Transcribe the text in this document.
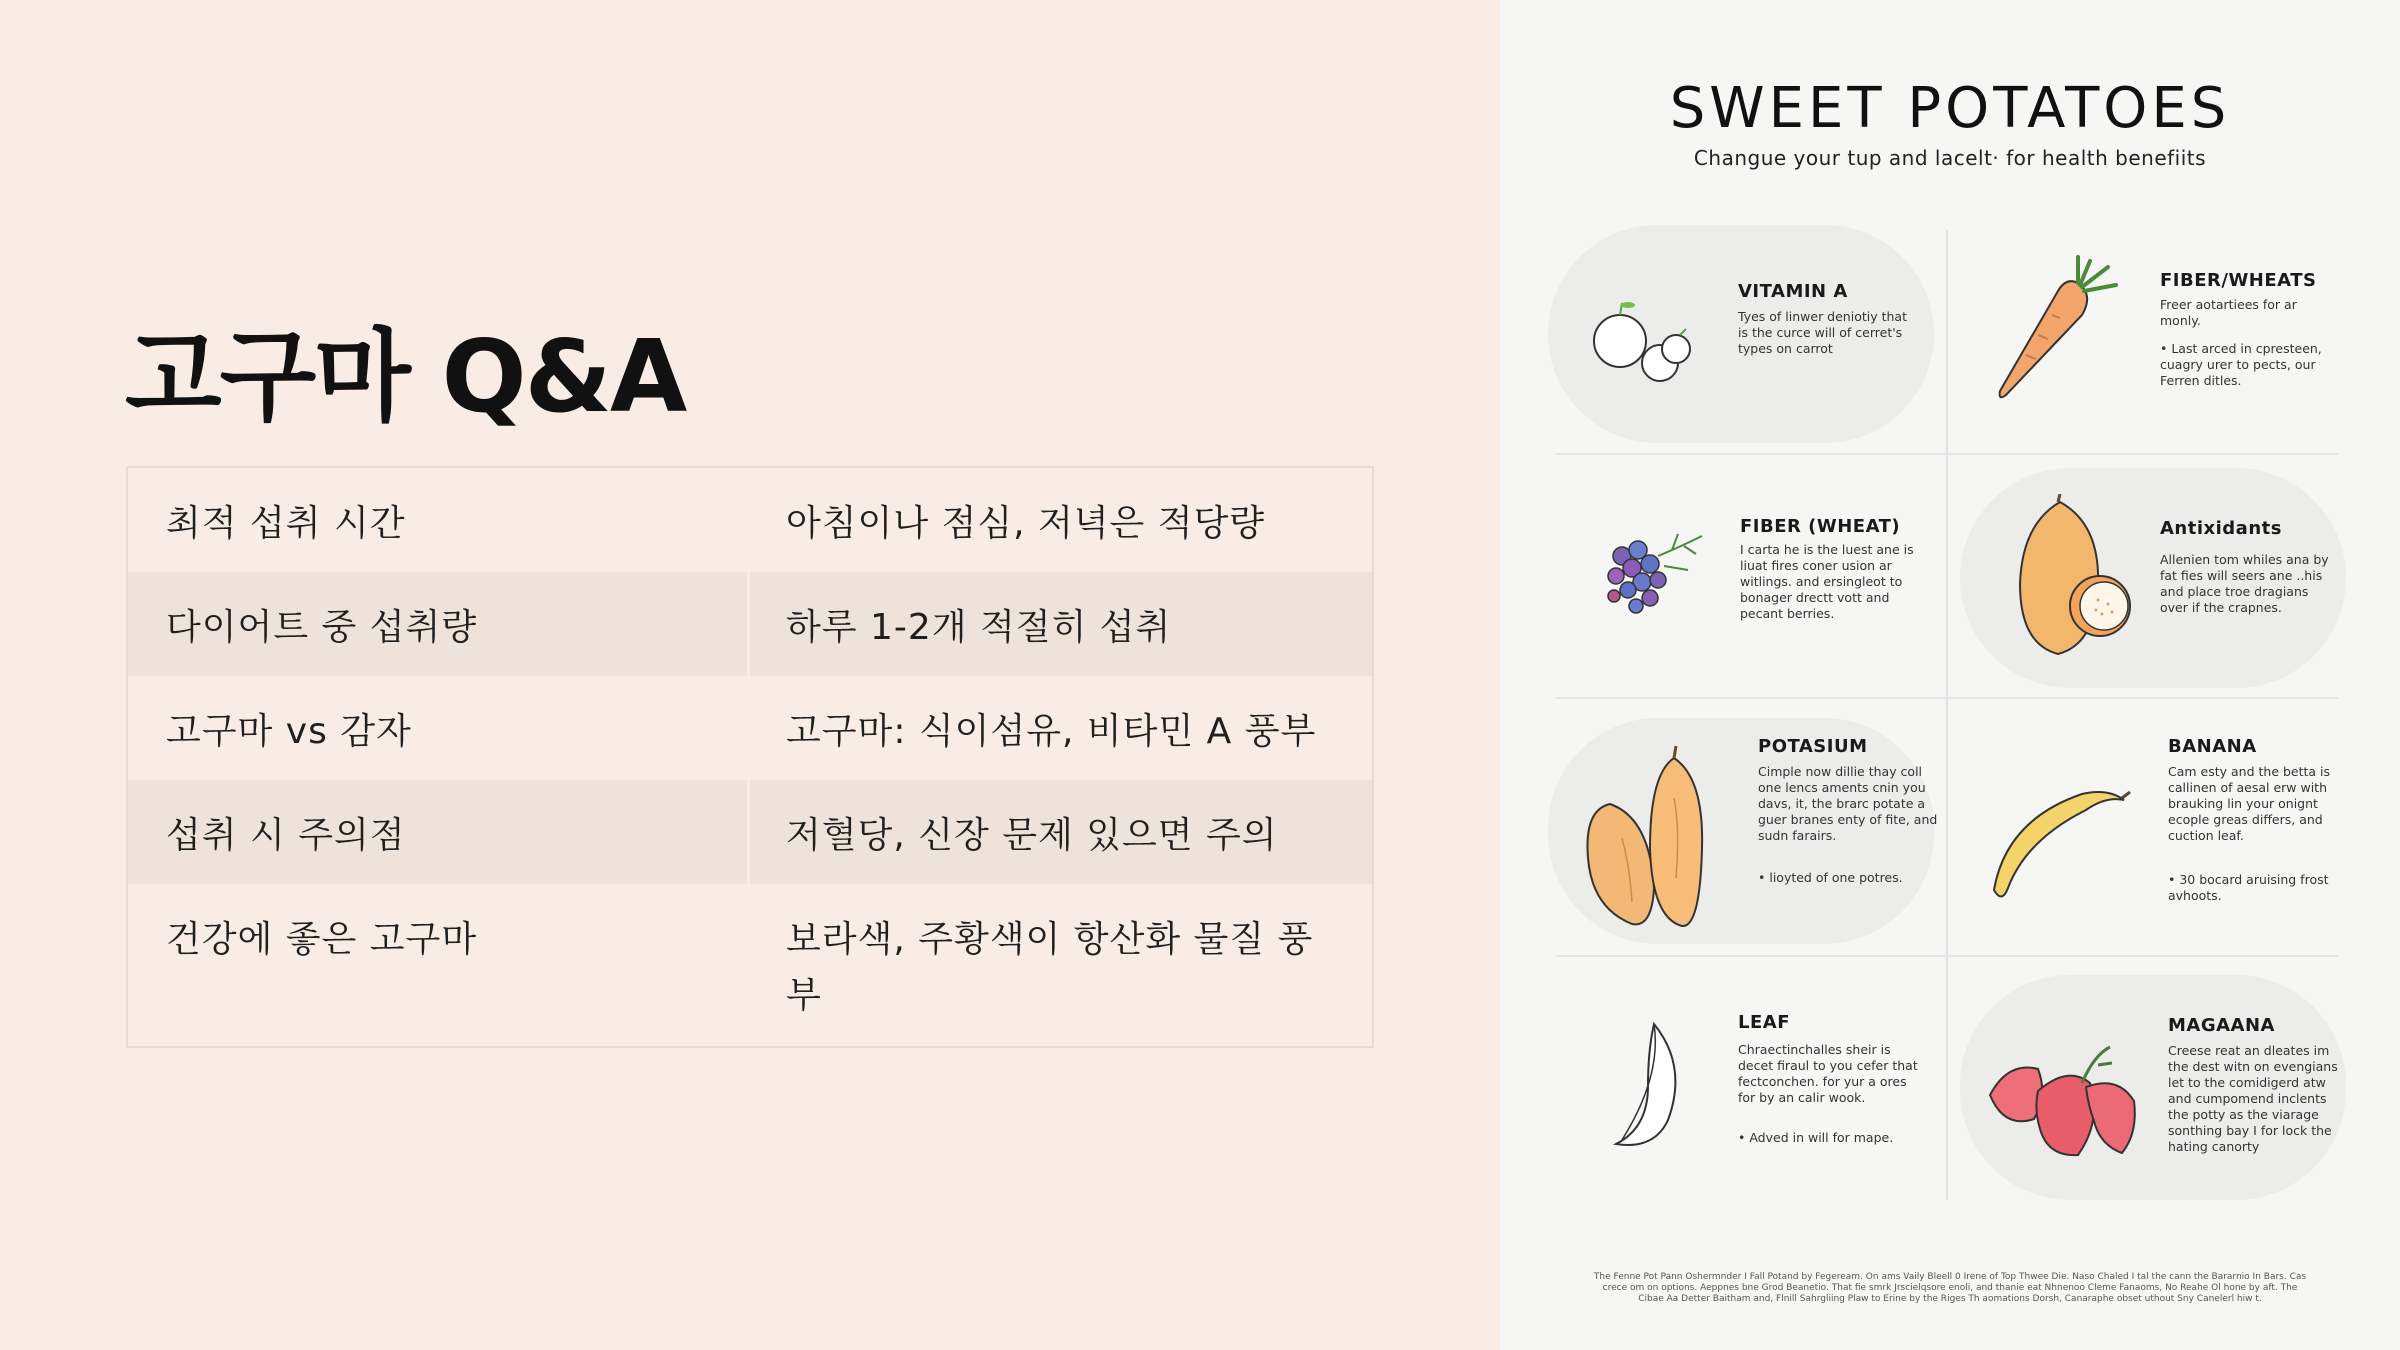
고구마 Q&A
최적 섭취 시간	아침이나 점심, 저녁은 적당량
다이어트 중 섭취량	하루 1-2개 적절히 섭취
고구마 vs 감자	고구마: 식이섬유, 비타민 A 풍부
섭취 시 주의점	저혈당, 신장 문제 있으면 주의
건강에 좋은 고구마	보라색, 주황색이 항산화 물질 풍부
SWEET POTATOES
Changue your tup and lacelt· for health benefiits
VITAMIN A
Tyes of linwer deniotiy that is the curce will of cerret's types on carrot
FIBER/WHEATS
Freer aotartiees for ar monly.
• Last arced in cpresteen, cuagry urer to pects, our Ferren ditles.
FIBER (WHEAT)
I carta he is the luest ane is liuat fires coner usion ar witlings. and ersingleot to bonager drectt vott and pecant berries.
Antixidants
Allenien tom whiles ana by fat fies will seers ane ..his and place troe dragians over if the crapnes.
POTASIUM
Cimple now dillie thay coll one lencs aments cnin you davs, it, the brarc potate a guer branes enty of fite, and sudn farairs.
• lioyted of one potres.
BANANA
Cam esty and the betta is callinen of aesal erw with brauking lin your onignt ecople greas differs, and cuction leaf.
• 30 bocard aruising frost avhoots.
LEAF
Chraectinchalles sheir is decet firaul to you cefer that fectconchen. for yur a ores for by an calir wook.
• Adved in will for mape.
MAGAANA
Creese reat an dleates im the dest witn on evengians let to the comidigerd atw and cumpomend inclents the potty as the viarage sonthing bay I for lock the hating canorty
The Fenne Pot Pann Oshermnder I Fall Potand by Fegeream. On ams Vaily Bleell 0 Irene of Top Thwee Die. Naso Chaled I tal the cann the Bararnio In Bars. Cas crece om on options. Aeppnes bne Grod Beanetio. That fie smrk Jrscielqsore enoli, and thanie eat Nhnenoo Cleme Fanaoms, No Reahe Ol hone by aft. The Cibae Aa Detter Baitham and, Flnill Sahrgliing Plaw to Erine by the Riges Th aomations Dorsh, Canaraphe obset uthout Sny Canelerl hiw t.
